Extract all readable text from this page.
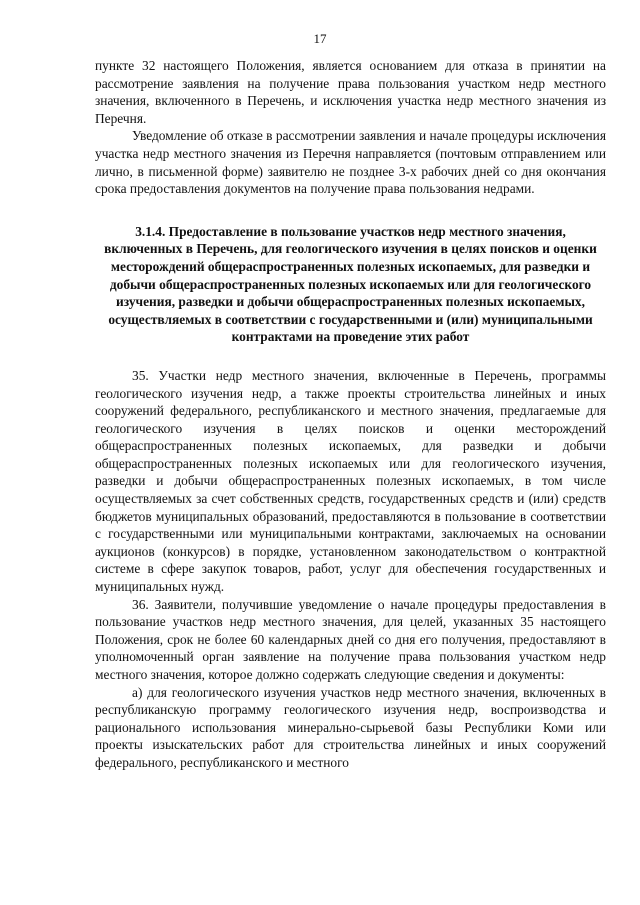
17

пункте 32 настоящего Положения, является основанием для отказа в принятии на рассмотрение заявления на получение права пользования участком недр местного значения, включенного в Перечень, и исключения участка недр местного значения из Перечня.

Уведомление об отказе в рассмотрении заявления и начале процедуры исключения участка недр местного значения из Перечня направляется (почтовым отправлением или лично, в письменной форме) заявителю не позднее 3-х рабочих дней со дня окончания срока предоставления документов на получение права пользования недрами.

3.1.4. Предоставление в пользование участков недр местного значения, включенных в Перечень, для геологического изучения в целях поисков и оценки месторождений общераспространенных полезных ископаемых, для разведки и добычи общераспространенных полезных ископаемых или для геологического изучения, разведки и добычи общераспространенных полезных ископаемых, осуществляемых в соответствии с государственными и (или) муниципальными контрактами на проведение этих работ

35. Участки недр местного значения, включенные в Перечень, программы геологического изучения недр, а также проекты строительства линейных и иных сооружений федерального, республиканского и местного значения, предлагаемые для геологического изучения в целях поисков и оценки месторождений общераспространенных полезных ископаемых, для разведки и добычи общераспространенных полезных ископаемых или для геологического изучения, разведки и добычи общераспространенных полезных ископаемых, в том числе осуществляемых за счет собственных средств, государственных средств и (или) средств бюджетов муниципальных образований, предоставляются в пользование в соответствии с государственными или муниципальными контрактами, заключаемых на основании аукционов (конкурсов) в порядке, установленном законодательством о контрактной системе в сфере закупок товаров, работ, услуг для обеспечения государственных и муниципальных нужд.

36. Заявители, получившие уведомление о начале процедуры предоставления в пользование участков недр местного значения, для целей, указанных 35 настоящего Положения, срок не более 60 календарных дней со дня его получения, предоставляют в уполномоченный орган заявление на получение права пользования участком недр местного значения, которое должно содержать следующие сведения и документы:

а) для геологического изучения участков недр местного значения, включенных в республиканскую программу геологического изучения недр, воспроизводства и рационального использования минерально-сырьевой базы Республики Коми или проекты изыскательских работ для строительства линейных и иных сооружений федерального, республиканского и местного
